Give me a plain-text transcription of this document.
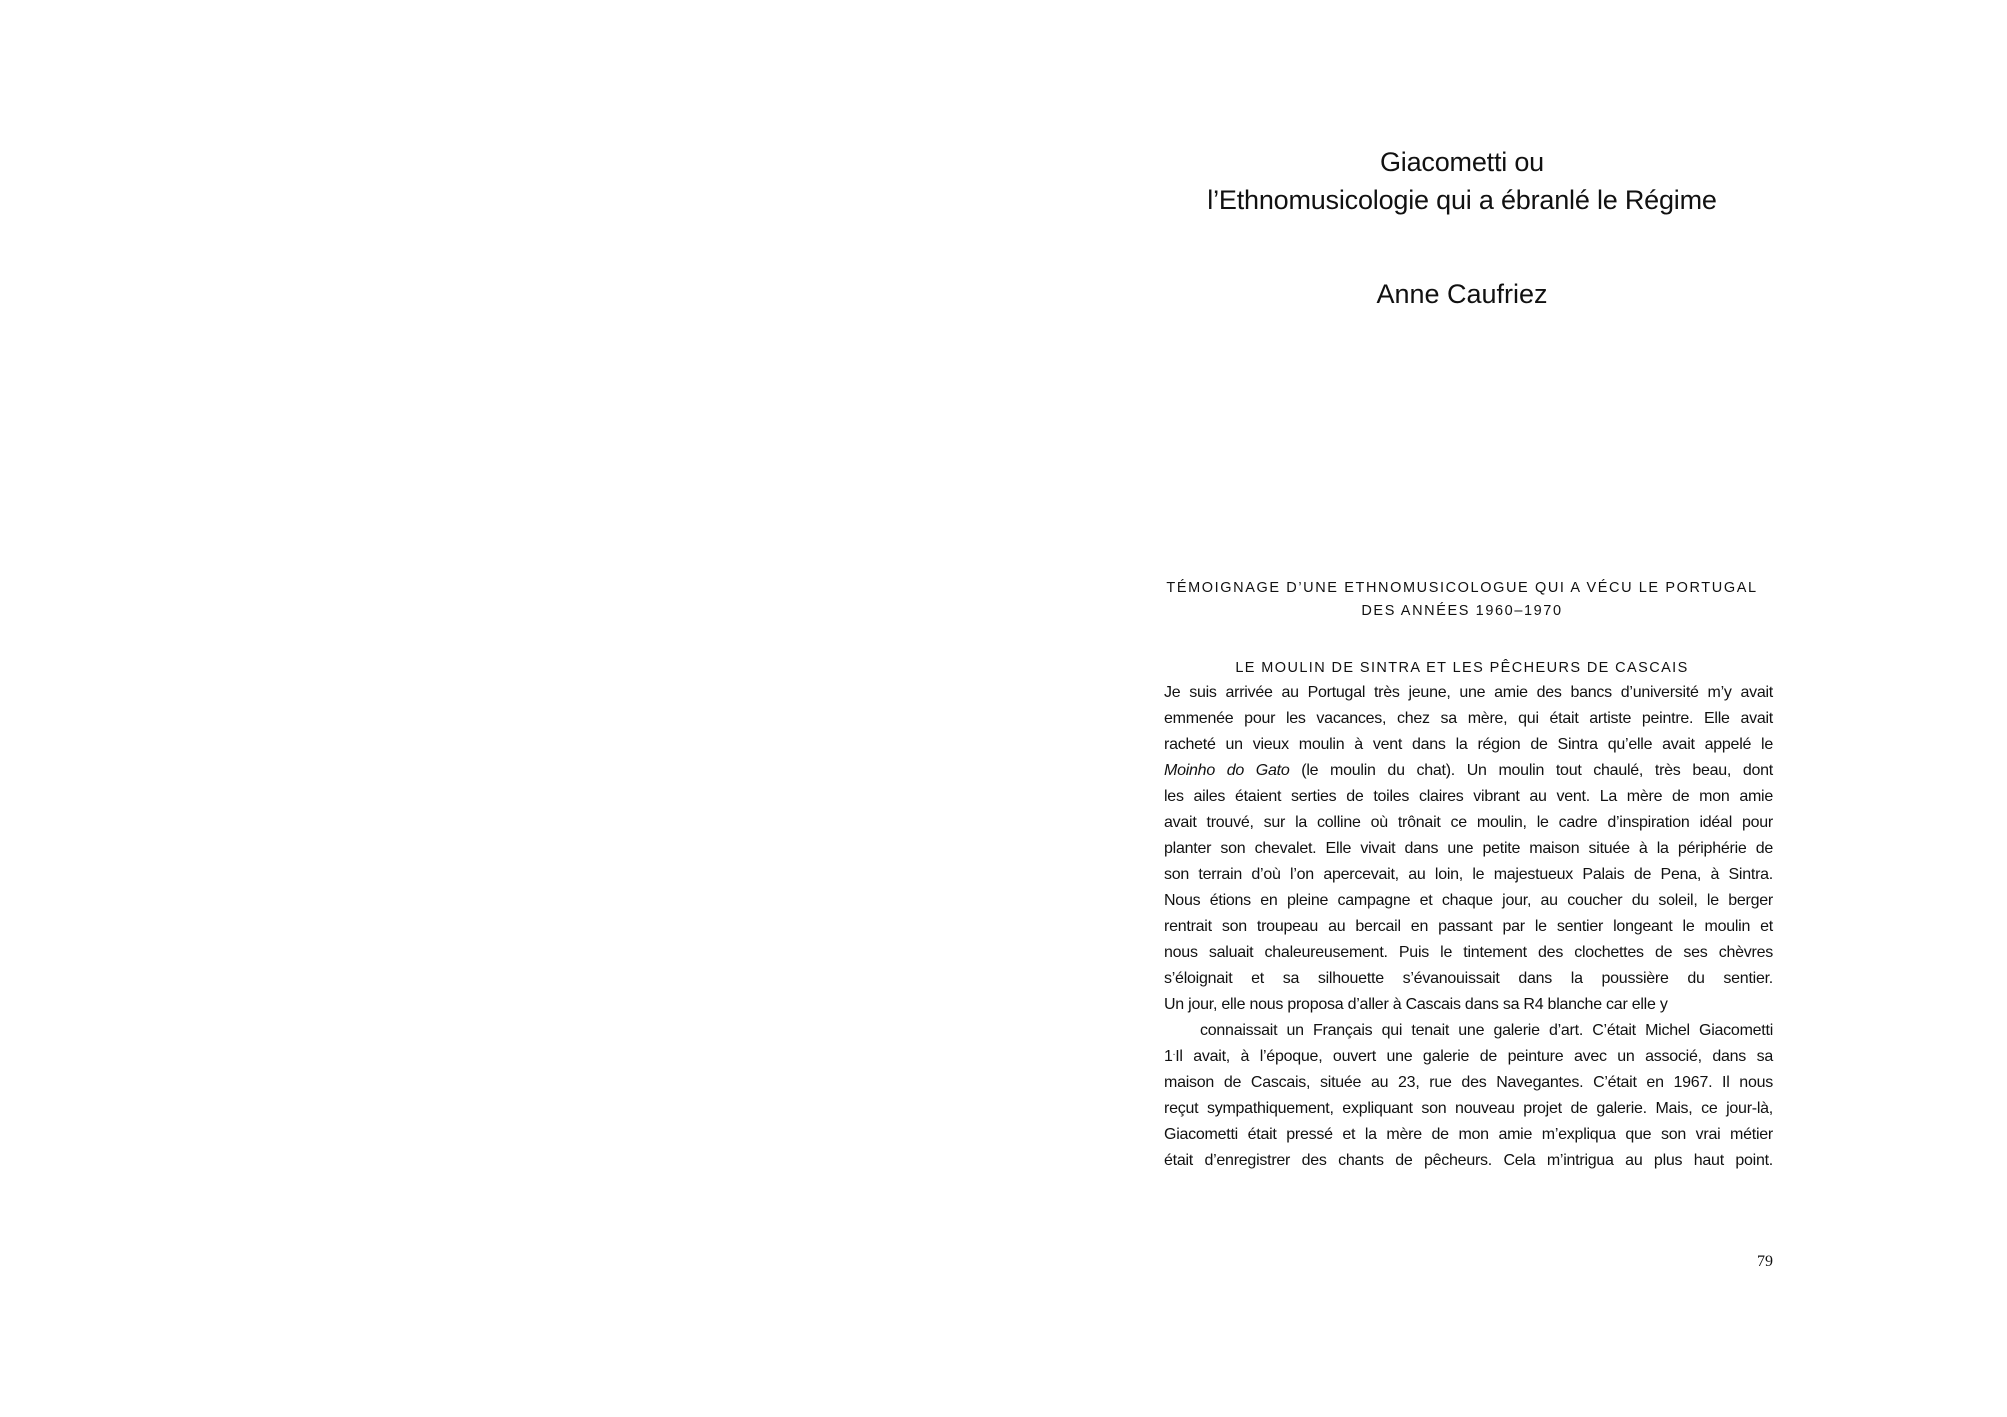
Giacometti ou
l’Ethnomusicologie qui a ébranlé le Régime
Anne Caufriez
TÉMOIGNAGE D’UNE ETHNOMUSICOLOGUE QUI A VÉCU LE PORTUGAL
DES ANNÉES 1960–1970
LE MOULIN DE SINTRA ET LES PÊCHEURS DE CASCAIS
Je suis arrivée au Portugal très jeune, une amie des bancs d’université m’y avait
emmenée pour les vacances, chez sa mère, qui était artiste peintre. Elle avait
racheté un vieux moulin à vent dans la région de Sintra qu’elle avait appelé le
Moinho do Gato (le moulin du chat). Un moulin tout chaulé, très beau, dont
les ailes étaient serties de toiles claires vibrant au vent. La mère de mon amie
avait trouvé, sur la colline où trônait ce moulin, le cadre d’inspiration idéal pour
planter son chevalet. Elle vivait dans une petite maison située à la périphérie de
son terrain d’où l’on apercevait, au loin, le majestueux Palais de Pena, à Sintra.
Nous étions en pleine campagne et chaque jour, au coucher du soleil, le berger
rentrait son troupeau au bercail en passant par le sentier longeant le moulin et
nous saluait chaleureusement. Puis le tintement des clochettes de ses chèvres
s’éloignait et sa silhouette s’évanouissait dans la poussière du sentier.
Un jour, elle nous proposa d’aller à Cascais dans sa R4 blanche car elle y
connaissait un Français qui tenait une galerie d’art. C’était Michel Giacometti
1.Il avait, à l’époque, ouvert une galerie de peinture avec un associé, dans sa
maison de Cascais, située au 23, rue des Navegantes. C’était en 1967. Il nous
reçut sympathiquement, expliquant son nouveau projet de galerie. Mais, ce jour-là,
Giacometti était pressé et la mère de mon amie m’expliqua que son vrai métier
était d’enregistrer des chants de pêcheurs. Cela m’intrigua au plus haut point.
79
